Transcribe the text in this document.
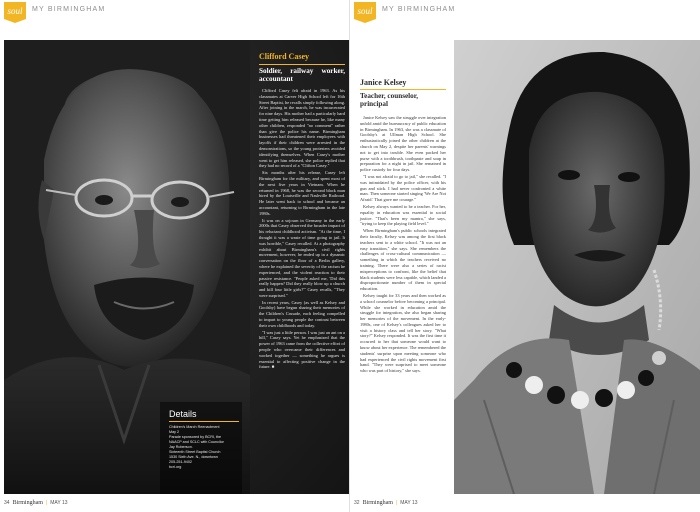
soul	MY BIRMINGHAM
Clifford Casey
Soldier, railway worker, accountant

Clifford Casey felt afraid in 1963. As his classmates at Carver High School left for 16th Street Baptist, he recalls simply following along. After joining in the march, he was incarcerated for nine days. His mother had a particularly hard time getting him released because he, like many other children, responded "no comment" rather than give the police his name. Birmingham businesses had threatened their employees with layoffs if their children were arrested in the demonstrations, so the young protesters avoided identifying themselves. When Casey's mother went to get him released, she police replied that they had no record of a "Clifton Casey."

Six months after his release, Casey left Birmingham for the military, and spent most of the next five years in Vietnam. When he returned in 1968, he was the second black man hired by the Louisville and Nashville Railroad. He later went back to school and became an accountant, returning to Birmingham in the late 1980s.

It was on a sojourn in Germany in the early 2000s that Casey observed the broader impact of his reluctant childhood activism. "At the time, I thought it was a waste of time going to jail. It was horrible," Casey recalled. At a photography exhibit about Birmingham's civil rights movement, however, he ended up in a dynamic conversation on the floor of a Berlin gallery, where he explained the severity of the racism he experienced, and the violent reaction to their passive resistance. "People asked me, 'Did this really happen? Did they really blow up a church and kill four little girls?'" Casey recalls, "They were surprised."

In recent years, Casey (as well as Kelsey and Goolsby) have begun sharing their memories of the Children's Crusade, each feeling compelled to impart to young people the contrast between their own childhoods and today.

"I was just a little person. I was just an ant on a hill," Casey says. Yet he emphasized that the power of 1963 came from the collective effort of people who overcame their differences and worked together — something he argues is essential to affecting positive change in the future. ■

Details
Children's March Reenactment
May 2
Parade sponsored by BCRI, the
NAACP and SCLC with Councilor
Jay Roberson.
Sixteenth Street Baptist Church
1530 Sixth Ave. N., downtown
205-251-9402
bcri.org
34 Birmingham | MAY 13
soul	MY BIRMINGHAM
Janice Kelsey
Teacher, counselor, principal

Janice Kelsey saw the struggle over integration unfold amid the bureaucracy of public education in Birmingham. In 1963, she was a classmate of Goolsby's at Ullman High School. She enthusiastically joined the other children at the church on May 2, despite her parents' warnings not to get into trouble. She even packed her purse with a toothbrush, toothpaste and soap in preparation for a night in jail. She remained in police custody for four days.

"I was not afraid to go to jail," she recalled. "I was intimidated by the police officer, with his gun and stick. I had never confronted a white man. Then someone started singing 'We Are Not Afraid.' That gave me courage."

Kelsey always wanted to be a teacher. For her, equality in education was essential to social justice. "That's been my mantra," she says, "trying to keep the playing field level."

When Birmingham's public schools integrated their faculty, Kelsey was among the first black teachers sent to a white school. "It was not an easy transition," she says. She remembers the challenges of cross-cultural communication — something in which the teachers received no training. There were also a series of racist misperceptions to confront, like the belief that black students were less capable, which landed a disproportionate number of them in special education.

Kelsey taught for 33 years and then worked as a school counselor before becoming a principal. While she worked in education amid the struggle for integration, she also began sharing her memories of the movement. In the early-1980s, one of Kelsey's colleagues asked her to visit a history class and tell her story. "What story?" Kelsey responded. It was the first time it occurred to her that someone would want to know about her experience. The remembered the students' surprise upon meeting someone who had experienced the civil rights movement first hand. "They were surprised to meet someone who was part of history," she says.

32 Birmingham | MAY 13
